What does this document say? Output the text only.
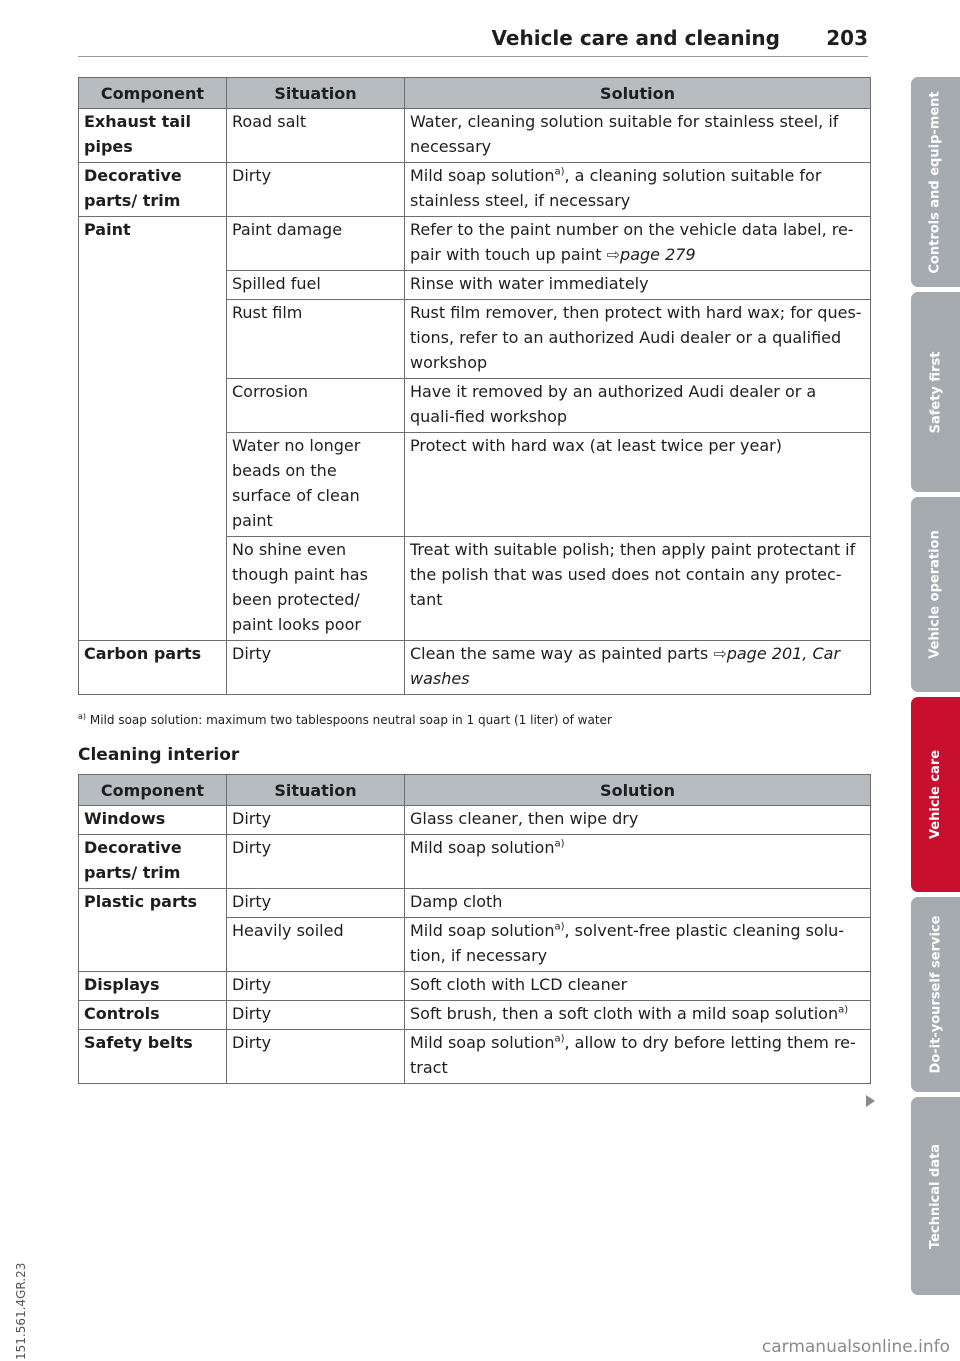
Vehicle care and cleaning 203
Component	Situation	Solution
Exhaust tail pipes	Road salt	Water, cleaning solution suitable for stainless steel, if necessary
Decorative parts/ trim	Dirty	Mild soap solution$^{a)}$, a cleaning solution suitable for stainless steel, if necessary
Paint	Paint damage	Refer to the paint number on the vehicle data label, re-pair with touch up paint ⇨page 279
	Spilled fuel	Rinse with water immediately
	Rust film	Rust film remover, then protect with hard wax; for ques-tions, refer to an authorized Audi dealer or a qualified workshop
	Corrosion	Have it removed by an authorized Audi dealer or a quali-fied workshop
	Water no longer beads on the surface of clean paint	Protect with hard wax (at least twice per year)
	No shine even though paint has been protected/ paint looks poor	Treat with suitable polish; then apply paint protectant if the polish that was used does not contain any protec-tant
Carbon parts	Dirty	Clean the same way as painted parts ⇨page 201, Car washes
$^{a)}$ Mild soap solution: maximum two tablespoons neutral soap in 1 quart (1 liter) of water
Cleaning interior
Component	Situation	Solution
Windows	Dirty	Glass cleaner, then wipe dry
Decorative parts/ trim	Dirty	Mild soap solution$^{a)}$
Plastic parts	Dirty	Damp cloth
	Heavily soiled	Mild soap solution$^{a)}$, solvent-free plastic cleaning solu-tion, if necessary
Displays	Dirty	Soft cloth with LCD cleaner
Controls	Dirty	Soft brush, then a soft cloth with a mild soap solution$^{a)}$
Safety belts	Dirty	Mild soap solution$^{a)}$, allow to dry before letting them re-tract
151.561.4GR.23
Controls and equip-ment
Safety first
Vehicle operation
Vehicle care
Do-it-yourself service
Technical data
carmanualsonline.info
